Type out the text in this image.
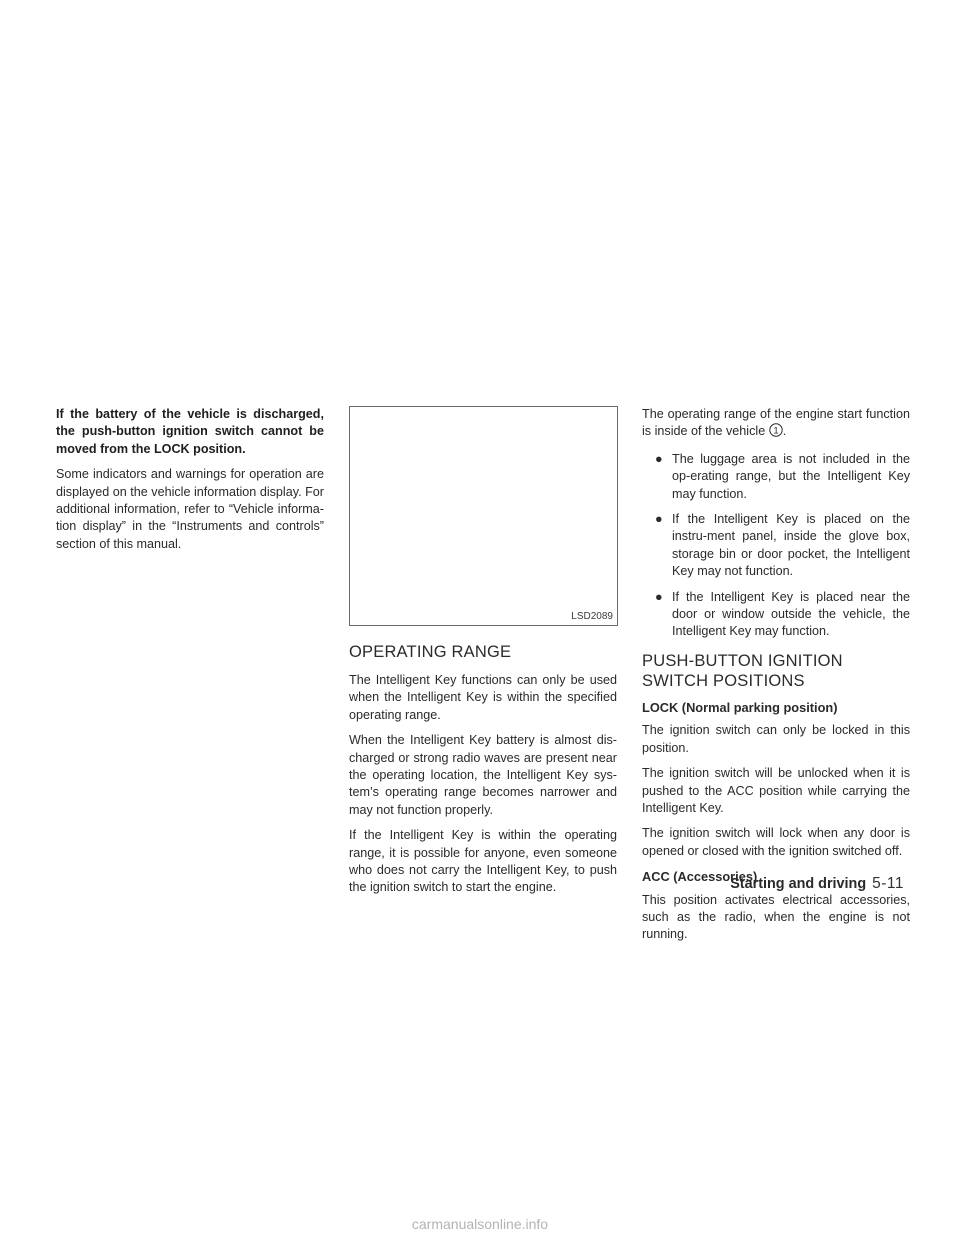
If the battery of the vehicle is discharged, the push-button ignition switch cannot be moved from the LOCK position.

Some indicators and warnings for operation are displayed on the vehicle information display. For additional information, refer to “Vehicle informa-tion display” in the “Instruments and controls” section of this manual.

LSD2089
OPERATING RANGE

The Intelligent Key functions can only be used when the Intelligent Key is within the specified operating range.

When the Intelligent Key battery is almost dis-charged or strong radio waves are present near the operating location, the Intelligent Key sys-tem’s operating range becomes narrower and may not function properly.

If the Intelligent Key is within the operating range, it is possible for anyone, even someone who does not carry the Intelligent Key, to push the ignition switch to start the engine.

The operating range of the engine start function is inside of the vehicle 1 .

● The luggage area is not included in the op-erating range, but the Intelligent Key may function.
● If the Intelligent Key is placed on the instru-ment panel, inside the glove box, storage bin or door pocket, the Intelligent Key may not function.
● If the Intelligent Key is placed near the door or window outside the vehicle, the Intelligent Key may function.
PUSH-BUTTON IGNITION SWITCH POSITIONS
LOCK (Normal parking position)

The ignition switch can only be locked in this position.

The ignition switch will be unlocked when it is pushed to the ACC position while carrying the Intelligent Key.

The ignition switch will lock when any door is opened or closed with the ignition switched off.

ACC (Accessories)

This position activates electrical accessories, such as the radio, when the engine is not running.

Starting and driving 5-11
carmanualsonline.info
